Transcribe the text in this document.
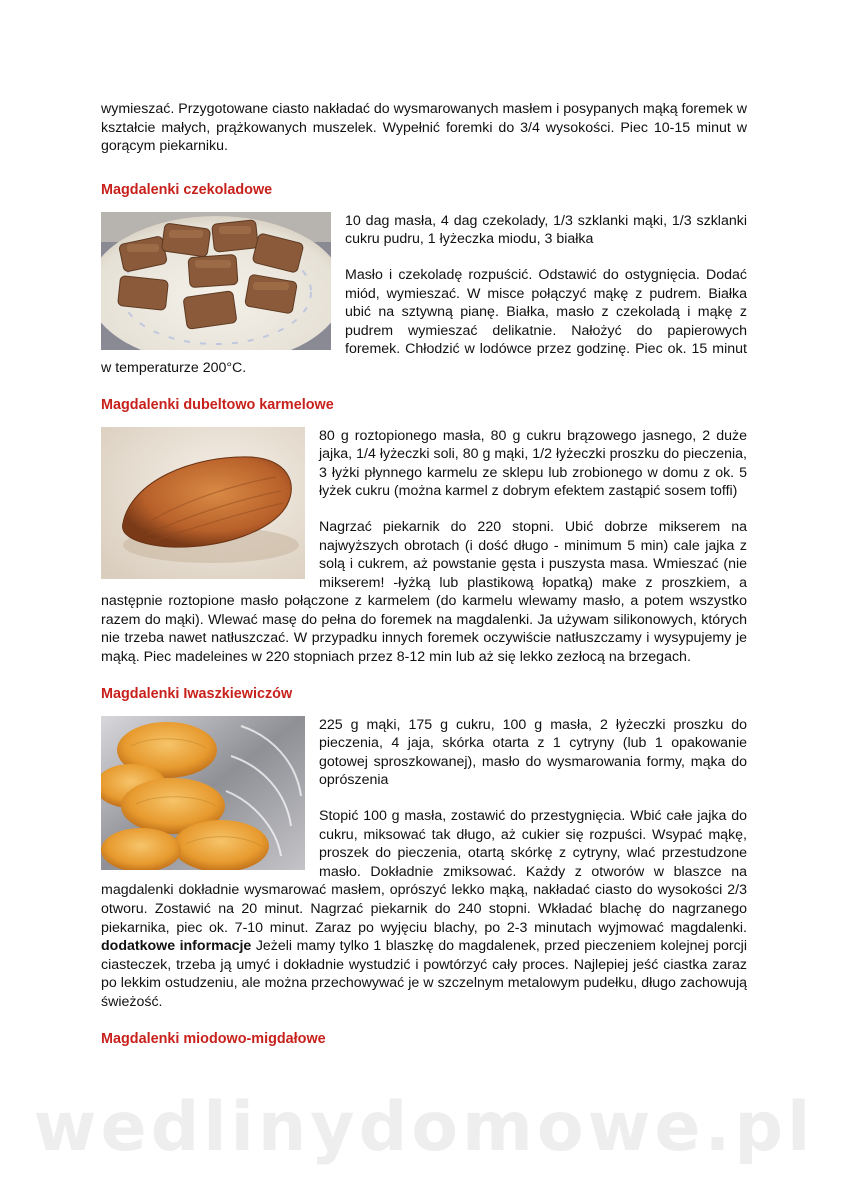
wymieszać. Przygotowane ciasto nakładać do wysmarowanych masłem i posypanych mąką foremek w kształcie małych, prążkowanych muszelek. Wypełnić foremki do 3/4 wysokości. Piec 10-15 minut w gorącym piekarniku.

Magdalenki czekoladowe

10 dag masła, 4 dag czekolady, 1/3 szklanki mąki, 1/3 szklanki cukru pudru, 1 łyżeczka miodu, 3 białka

Masło i czekoladę rozpuścić. Odstawić do ostygnięcia. Dodać miód, wymieszać. W misce połączyć mąkę z pudrem. Białka ubić na sztywną pianę. Białka, masło z czekoladą i mąkę z pudrem wymieszać delikatnie. Nałożyć do papierowych foremek. Chłodzić w lodówce przez godzinę. Piec ok. 15 minut w temperaturze 200°C.

Magdalenki dubeltowo karmelowe

80 g roztopionego masła, 80 g cukru brązowego jasnego, 2 duże jajka, 1/4 łyżeczki soli, 80 g mąki, 1/2 łyżeczki proszku do pieczenia, 3 łyżki płynnego karmelu ze sklepu lub zrobionego w domu z ok. 5 łyżek cukru (można karmel z dobrym efektem zastąpić sosem toffi)

Nagrzać piekarnik do 220 stopni. Ubić dobrze mikserem na najwyższych obrotach (i dość długo - minimum 5 min) cale jajka z solą i cukrem, aż powstanie gęsta i puszysta masa. Wmieszać (nie mikserem! -łyżką lub plastikową łopatką) make z proszkiem, a następnie roztopione masło połączone z karmelem (do karmelu wlewamy masło, a potem wszystko razem do mąki). Wlewać masę do pełna do foremek na magdalenki. Ja używam silikonowych, których nie trzeba nawet natłuszczać. W przypadku innych foremek oczywiście natłuszczamy i wysypujemy je mąką. Piec madeleines w 220 stopniach przez 8-12 min lub aż się lekko zezłocą na brzegach.

Magdalenki Iwaszkiewiczów

225 g mąki, 175 g cukru, 100 g masła, 2 łyżeczki proszku do pieczenia, 4 jaja, skórka otarta z 1 cytryny (lub 1 opakowanie gotowej sproszkowanej), masło do wysmarowania formy, mąka do oprószenia

Stopić 100 g masła, zostawić do przestygnięcia. Wbić całe jajka do cukru, miksować tak długo, aż cukier się rozpuści. Wsypać mąkę, proszek do pieczenia, otartą skórkę z cytryny, wlać przestudzone masło. Dokładnie zmiksować. Każdy z otworów w blaszce na magdalenki dokładnie wysmarować masłem, oprószyć lekko mąką, nakładać ciasto do wysokości 2/3 otworu. Zostawić na 20 minut. Nagrzać piekarnik do 240 stopni. Wkładać blachę do nagrzanego piekarnika, piec ok. 7-10 minut. Zaraz po wyjęciu blachy, po 2-3 minutach wyjmować magdalenki. dodatkowe informacje Jeżeli mamy tylko 1 blaszkę do magdalenek, przed pieczeniem kolejnej porcji ciasteczek, trzeba ją umyć i dokładnie wystudzić i powtórzyć cały proces. Najlepiej jeść ciastka zaraz po lekkim ostudzeniu, ale można przechowywać je w szczelnym metalowym pudełku, długo zachowują świeżość.

Magdalenki miodowo-migdałowe
wedlinydomowe.pl
